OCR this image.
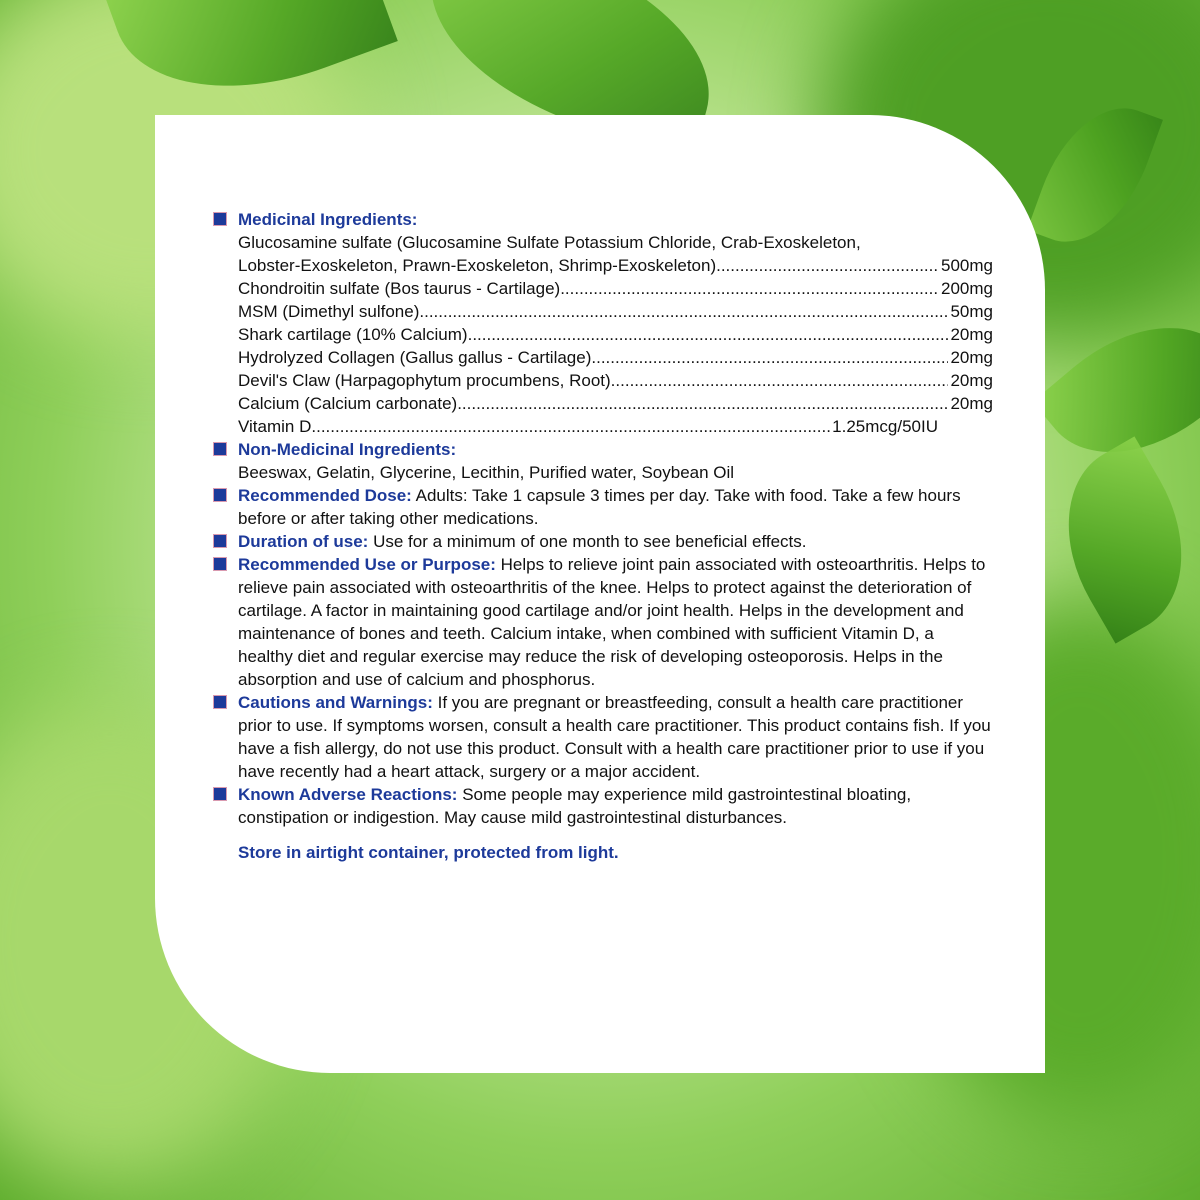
Medicinal Ingredients:
Glucosamine sulfate (Glucosamine Sulfate Potassium Chloride, Crab-Exoskeleton,
Lobster-Exoskeleton, Prawn-Exoskeleton, Shrimp-Exoskeleton) .....	500mg
Chondroitin sulfate (Bos taurus - Cartilage) .....	200mg
MSM (Dimethyl sulfone) .....	50mg
Shark cartilage (10% Calcium) .....	20mg
Hydrolyzed Collagen (Gallus gallus - Cartilage) .....	20mg
Devil's Claw (Harpagophytum procumbens, Root) .....	20mg
Calcium (Calcium carbonate) .....	20mg
Vitamin D .....	1.25mcg/50IU
Non-Medicinal Ingredients:
Beeswax, Gelatin, Glycerine, Lecithin, Purified water, Soybean Oil
Recommended Dose: Adults: Take 1 capsule 3 times per day. Take with food. Take a few hours before or after taking other medications.
Duration of use: Use for a minimum of one month to see beneficial effects.
Recommended Use or Purpose: Helps to relieve joint pain associated with osteoarthritis. Helps to relieve pain associated with osteoarthritis of the knee. Helps to protect against the deterioration of cartilage. A factor in maintaining good cartilage and/or joint health. Helps in the development and maintenance of bones and teeth. Calcium intake, when combined with sufficient Vitamin D, a healthy diet and regular exercise may reduce the risk of developing osteoporosis. Helps in the absorption and use of calcium and phosphorus.
Cautions and Warnings: If you are pregnant or breastfeeding, consult a health care practitioner prior to use. If symptoms worsen, consult a health care practitioner. This product contains fish. If you have a fish allergy, do not use this product. Consult with a health care practitioner prior to use if you have recently had a heart attack, surgery or a major accident.
Known Adverse Reactions: Some people may experience mild gastrointestinal bloating, constipation or indigestion. May cause mild gastrointestinal disturbances.
Store in airtight container, protected from light.
